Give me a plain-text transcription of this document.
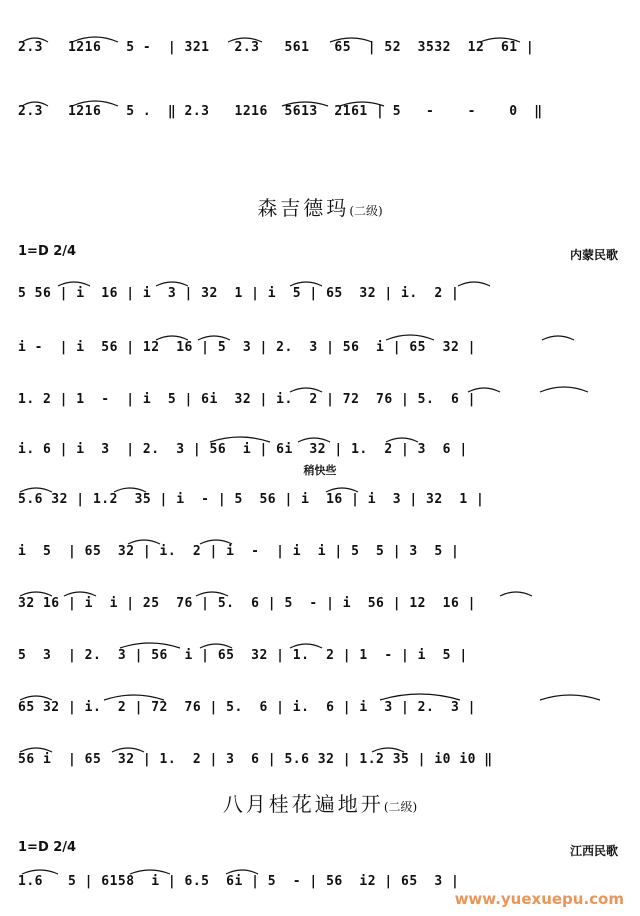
2.3   1216   5 -  | 321   2.3   561   65  | 52  3532  12  61 |
2.3   1216   5 .  ‖ 2.3   1216  5613  2161 | 5   -    -    0  ‖
森吉德玛(二级)
1=D 2/4	内蒙民歌
5 56 | i  16 | i  3 | 32  1 | i  5 | 65  32 | i.  2 |
i -  | i  56 | 12  16 | 5  3 | 2.  3 | 56  i | 65  32 |
1. 2 | 1  -  | i  5 | 6i  32 | i.  2 | 72  76 | 5.  6 |
i. 6 | i  3  | 2.  3 | 56  i | 6i  32 | 1.  2 | 3  6 |
稍快些
5.6 32 | 1.2  35 | i  - | 5  56 | i  16 | i  3 | 32  1 |
i  5  | 65  32 | i.  2 | i  -  | i  i | 5  5 | 3  5 |
32 16 | i  i | 25  76 | 5.  6 | 5  - | i  56 | 12  16 |
5  3  | 2.  3 | 56  i | 65  32 | 1.  2 | 1  - | i  5 |
65 32 | i.  2 | 72  76 | 5.  6 | i.  6 | i  3 | 2.  3 |
56 i  | 65  32 | 1.  2 | 3  6 | 5.6 32 | 1.2 35 | i0 i0 ‖
八月桂花遍地开(二级)
1=D 2/4	江西民歌
1.6   5 | 6158  i | 6.5  6i | 5  - | 56  i2 | 65  3 |
www.yuexuepu.com
